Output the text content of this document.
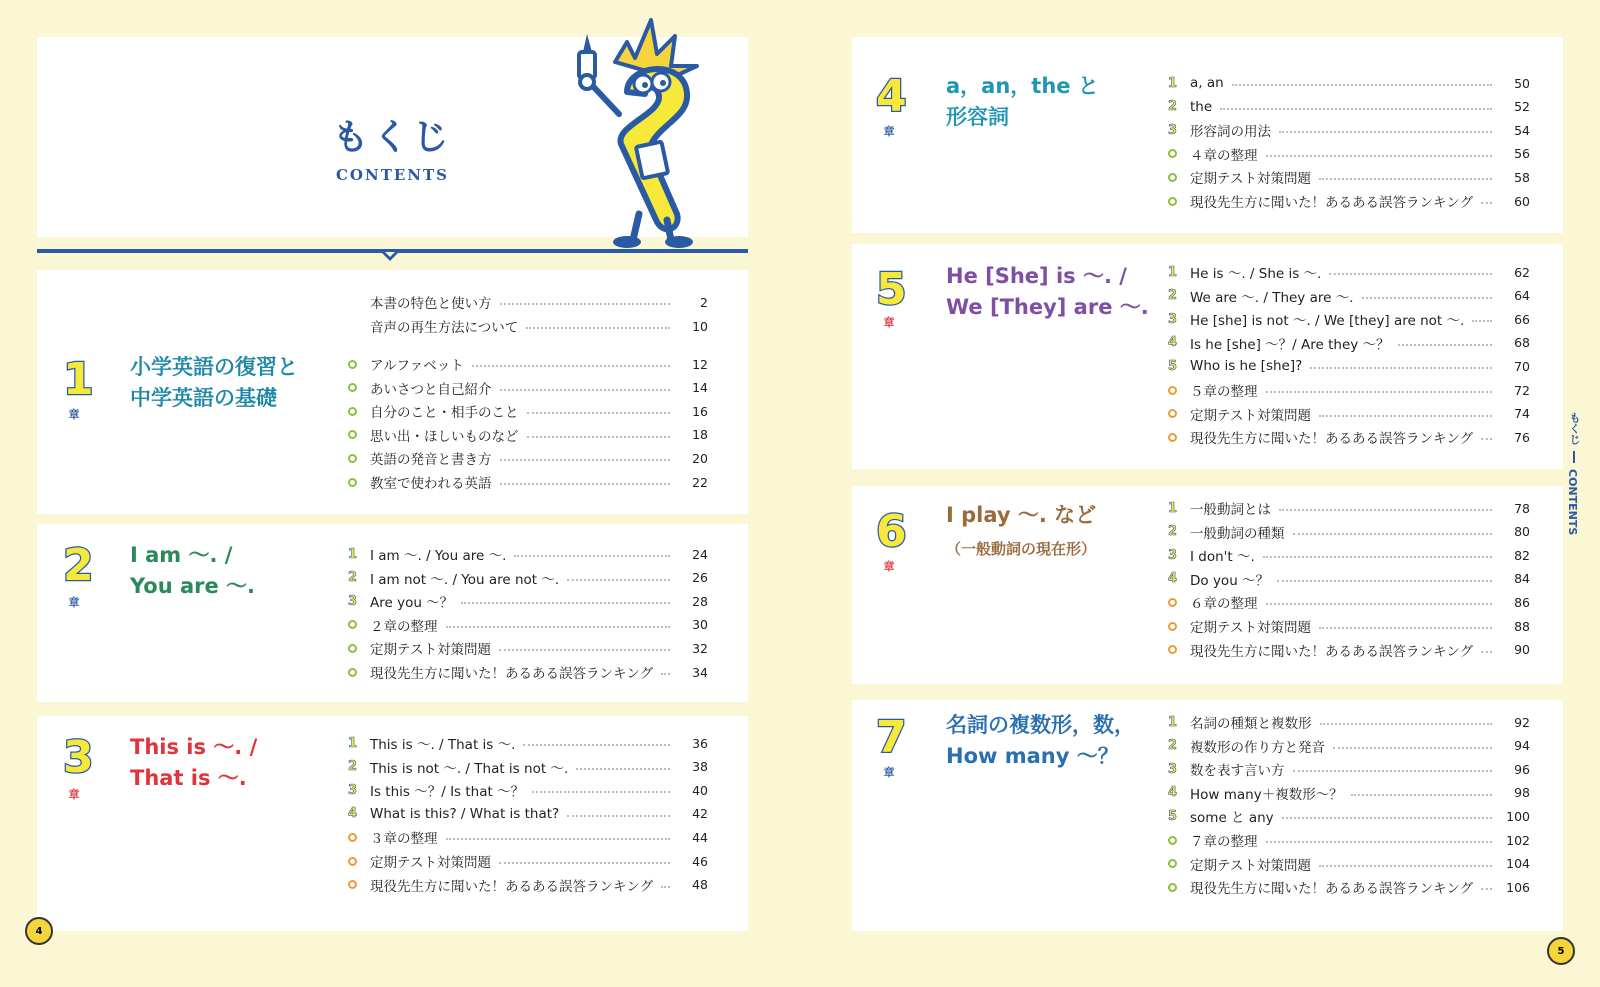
もくじ
CONTENTS
1
章
小学英語の復習と
中学英語の基礎
本書の特色と使い方	2
音声の再生方法について	10
アルファベット	12
あいさつと自己紹介	14
自分のこと・相手のこと	16
思い出・ほしいものなど	18
英語の発音と書き方	20
教室で使われる英語	22
2
章
I am ～. /
You are ～.
1 I am ～. / You are ～.	24
2 I am not ～. / You are not ～.	26
3 Are you ～？	28
２章の整理	30
定期テスト対策問題	32
現役先生方に聞いた！あるある誤答ランキング	34
3
章
This is ～. /
That is ～.
1 This is ～. / That is ～.	36
2 This is not ～. / That is not ～.	38
3 Is this ～？/ Is that ～？	40
4 What is this? / What is that?	42
３章の整理	44
定期テスト対策問題	46
現役先生方に聞いた！あるある誤答ランキング	48
4
章
a，an，the と
形容詞
1 a, an	50
2 the	52
3 形容詞の用法	54
４章の整理	56
定期テスト対策問題	58
現役先生方に聞いた！あるある誤答ランキング	60
5
章
He [She] is ～. /
We [They] are ～.
1 He is ～. / She is ～.	62
2 We are ～. / They are ～.	64
3 He [she] is not ～. / We [they] are not ～.	66
4 Is he [she] ～？/ Are they ～？	68
5 Who is he [she]?	70
５章の整理	72
定期テスト対策問題	74
現役先生方に聞いた！あるある誤答ランキング	76
6
章
I play ～. など
（一般動詞の現在形）
1 一般動詞とは	78
2 一般動詞の種類	80
3 I don't ～.	82
4 Do you ～？	84
６章の整理	86
定期テスト対策問題	88
現役先生方に聞いた！あるある誤答ランキング	90
7
章
名詞の複数形，数，
How many ～？
1 名詞の種類と複数形	92
2 複数形の作り方と発音	94
3 数を表す言い方	96
4 How many＋複数形～？	98
5 some と any	100
７章の整理	102
定期テスト対策問題	104
現役先生方に聞いた！あるある誤答ランキング	106
4
5
もくじ
CONTENTS
